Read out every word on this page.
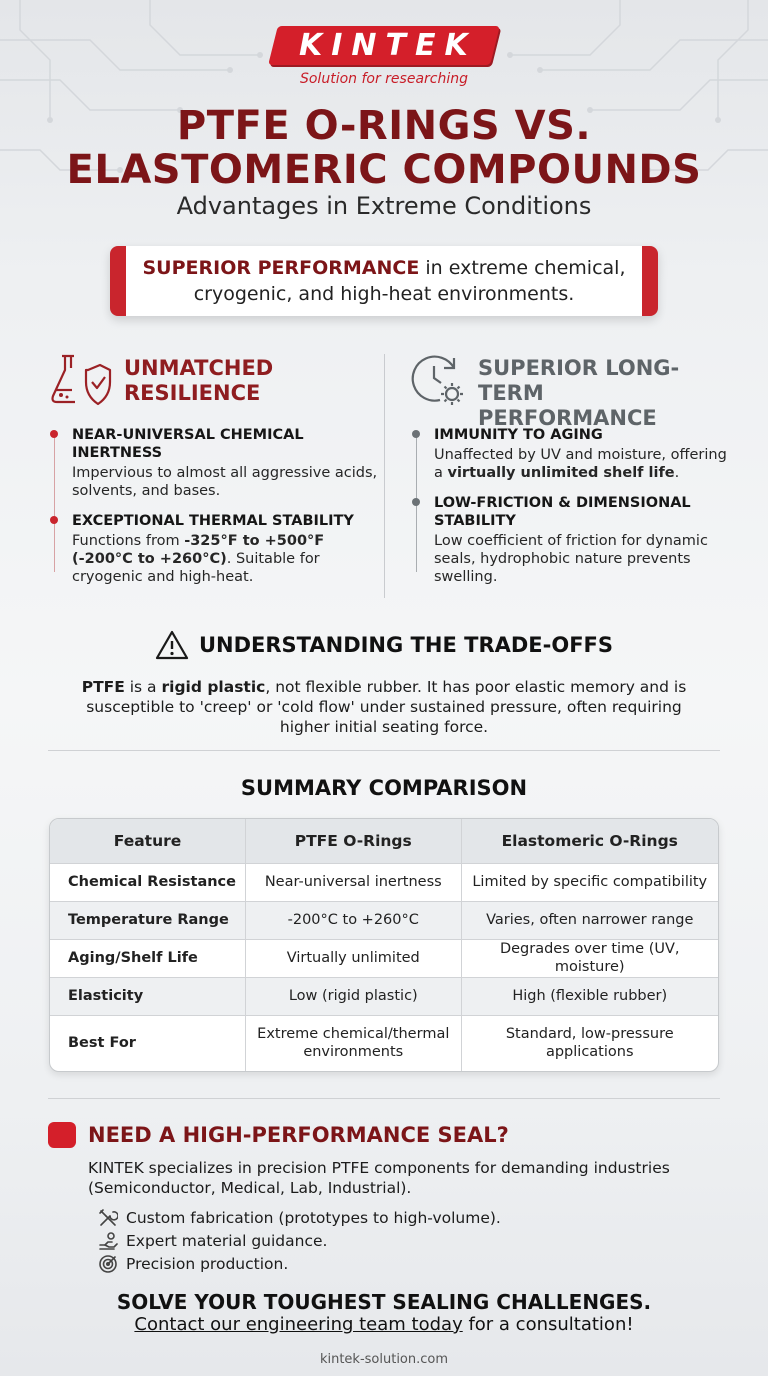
KINTEK
Solution for researching
PTFE O-RINGS VS.
ELASTOMERIC COMPOUNDS
Advantages in Extreme Conditions
SUPERIOR PERFORMANCE in extreme chemical, cryogenic, and high-heat environments.
UNMATCHED
RESILIENCE
NEAR-UNIVERSAL CHEMICAL INERTNESS
Impervious to almost all aggressive acids, solvents, and bases.
EXCEPTIONAL THERMAL STABILITY
Functions from -325°F to +500°F (-200°C to +260°C). Suitable for cryogenic and high-heat.
SUPERIOR LONG-TERM
PERFORMANCE
IMMUNITY TO AGING
Unaffected by UV and moisture, offering a virtually unlimited shelf life.
LOW-FRICTION & DIMENSIONAL STABILITY
Low coefficient of friction for dynamic seals, hydrophobic nature prevents swelling.
UNDERSTANDING THE TRADE-OFFS
PTFE is a rigid plastic, not flexible rubber. It has poor elastic memory and is susceptible to 'creep' or 'cold flow' under sustained pressure, often requiring higher initial seating force.
SUMMARY COMPARISON
Feature	PTFE O-Rings	Elastomeric O-Rings
Chemical Resistance	Near-universal inertness	Limited by specific compatibility
Temperature Range	-200°C to +260°C	Varies, often narrower range
Aging/Shelf Life	Virtually unlimited	Degrades over time (UV, moisture)
Elasticity	Low (rigid plastic)	High (flexible rubber)
Best For	Extreme chemical/thermal environments	Standard, low-pressure applications
NEED A HIGH-PERFORMANCE SEAL?
KINTEK specializes in precision PTFE components for demanding industries (Semiconductor, Medical, Lab, Industrial).
Custom fabrication (prototypes to high-volume).
Expert material guidance.
Precision production.
SOLVE YOUR TOUGHEST SEALING CHALLENGES.
Contact our engineering team today for a consultation!
kintek-solution.com
